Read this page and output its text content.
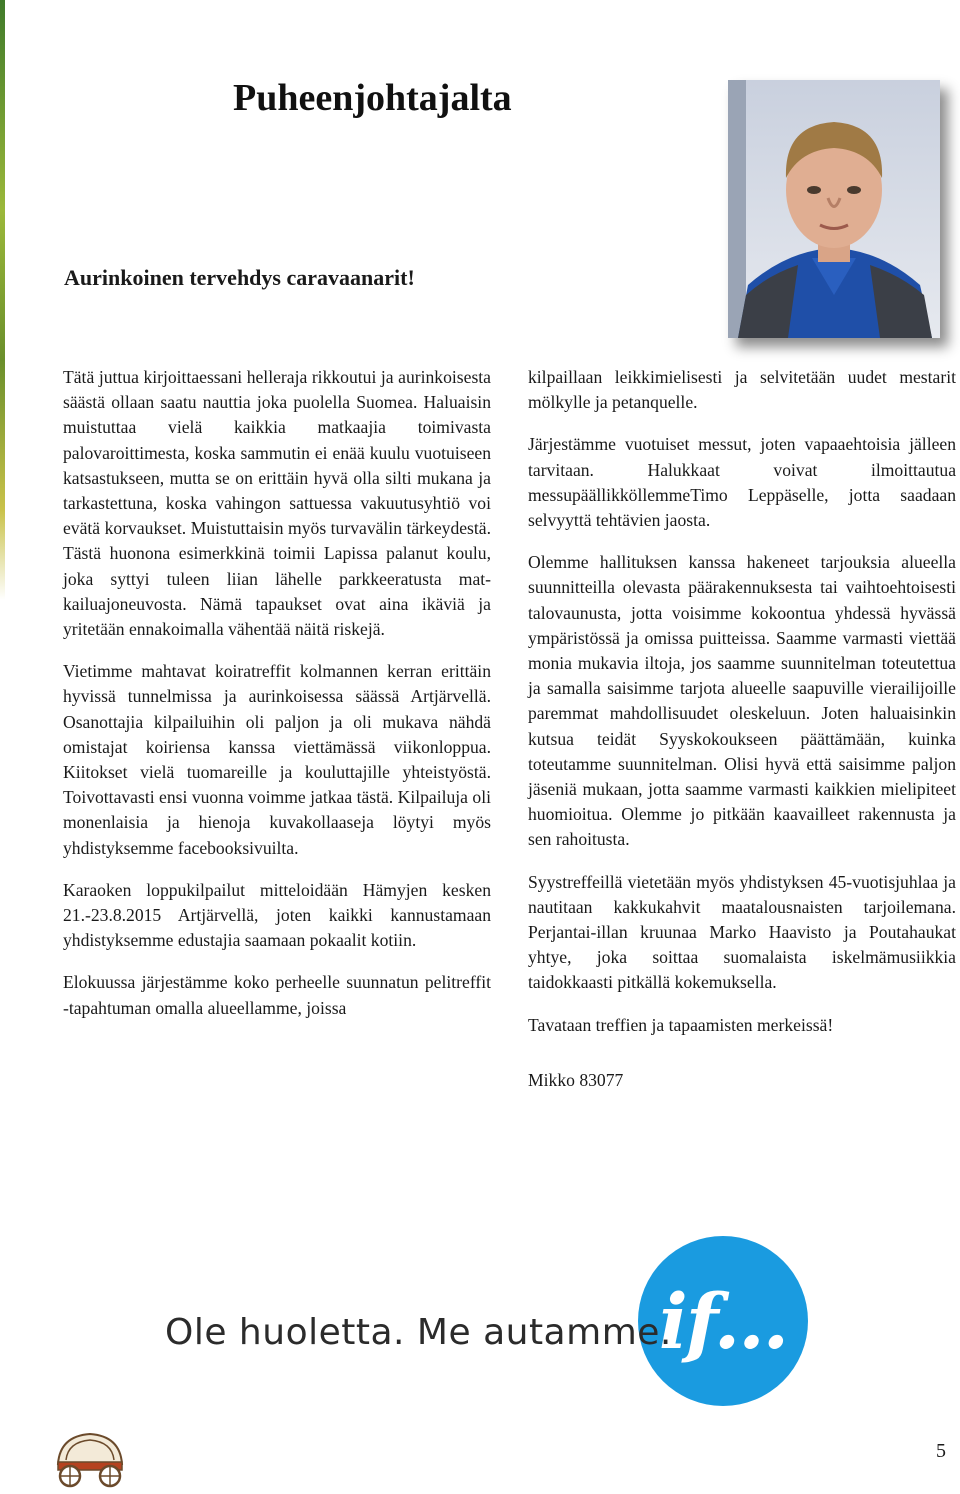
Puheenjohtajalta
Aurinkoinen tervehdys caravaanarit!

Tätä juttua kirjoittaessani helleraja rikkoutui ja aurinkoisesta säästä ollaan saatu nauttia joka puolella Suomea. Haluaisin muistuttaa vielä kaikkia matkaajia toimivasta palovaroittimesta, koska sammutin ei enää kuulu vuotuiseen katsastukseen, mutta se on erittäin hyvä olla silti mukana ja tarkastettuna, koska vahingon sattuessa vakuutusyhtiö voi evätä korvaukset. Muistuttaisin myös turvavälin tärkeydestä. Tästä huonona esimerkkinä toimii Lapissa palanut koulu, joka syttyi tuleen liian lähelle parkkeeratusta matkailuajoneuvosta. Nämä tapaukset ovat aina ikäviä ja yritetään ennakoimalla vähentää näitä riskejä.

Vietimme mahtavat koiratreffit kolmannen kerran erittäin hyvissä tunnelmissa ja aurinkoisessa säässä Artjärvellä. Osanottajia kilpailuihin oli paljon ja oli mukava nähdä omistajat koiriensa kanssa viettämässä viikonloppua. Kiitokset vielä tuomareille ja kouluttajille yhteistyöstä. Toivottavasti ensi vuonna voimme jatkaa tästä. Kilpailuja oli monenlaisia ja hienoja kuvakollaaseja löytyi myös yhdistyksemme facebooksivuilta.

Karaoken loppukilpailut mitteloidään Hämyjen kesken 21.-23.8.2015 Artjärvellä, joten kaikki kannustamaan yhdistyksemme edustajia saamaan pokaalit kotiin.

Elokuussa järjestämme koko perheelle suunnatun pelitreffit -tapahtuman omalla alueellamme, joissa

kilpaillaan leikkimielisesti ja selvitetään uudet mestarit mölkylle ja petanquelle.

Järjestämme vuotuiset messut, joten vapaaehtoisia jälleen tarvitaan. Halukkaat voivat ilmoittautua messupäällikköllemmeTimo Leppäselle, jotta saadaan selvyyttä tehtävien jaosta.

Olemme hallituksen kanssa hakeneet tarjouksia alueella suunnitteilla olevasta päärakennuksesta tai vaihtoehtoisesti talovaunusta, jotta voisimme kokoontua yhdessä hyvässä ympäristössä ja omissa puitteissa. Saamme varmasti viettää monia mukavia iltoja, jos saamme suunnitelman toteutettua ja samalla saisimme tarjota alueelle saapuville vierailijoille paremmat mahdollisuudet oleskeluun. Joten haluaisinkin kutsua teidät Syyskokoukseen päättämään, kuinka toteutamme suunnitelman. Olisi hyvä että saisimme paljon jäseniä mukaan, jotta saamme varmasti kaikkien mielipiteet huomioitua. Olemme jo pitkään kaavailleet rakennusta ja sen rahoitusta.

Syystreffeillä vietetään myös yhdistyksen 45-vuotisjuhlaa ja nautitaan kakkukahvit maatalousnaisten tarjoilemana. Perjantai-illan kruunaa Marko Haavisto ja Poutahaukat yhtye, joka soittaa suomalaista iskelmämusiikkia taidokkaasti pitkällä kokemuksella.

Tavataan treffien ja tapaamisten merkeissä!

Mikko 83077

if...

Ole huoletta. Me autamme.

5
